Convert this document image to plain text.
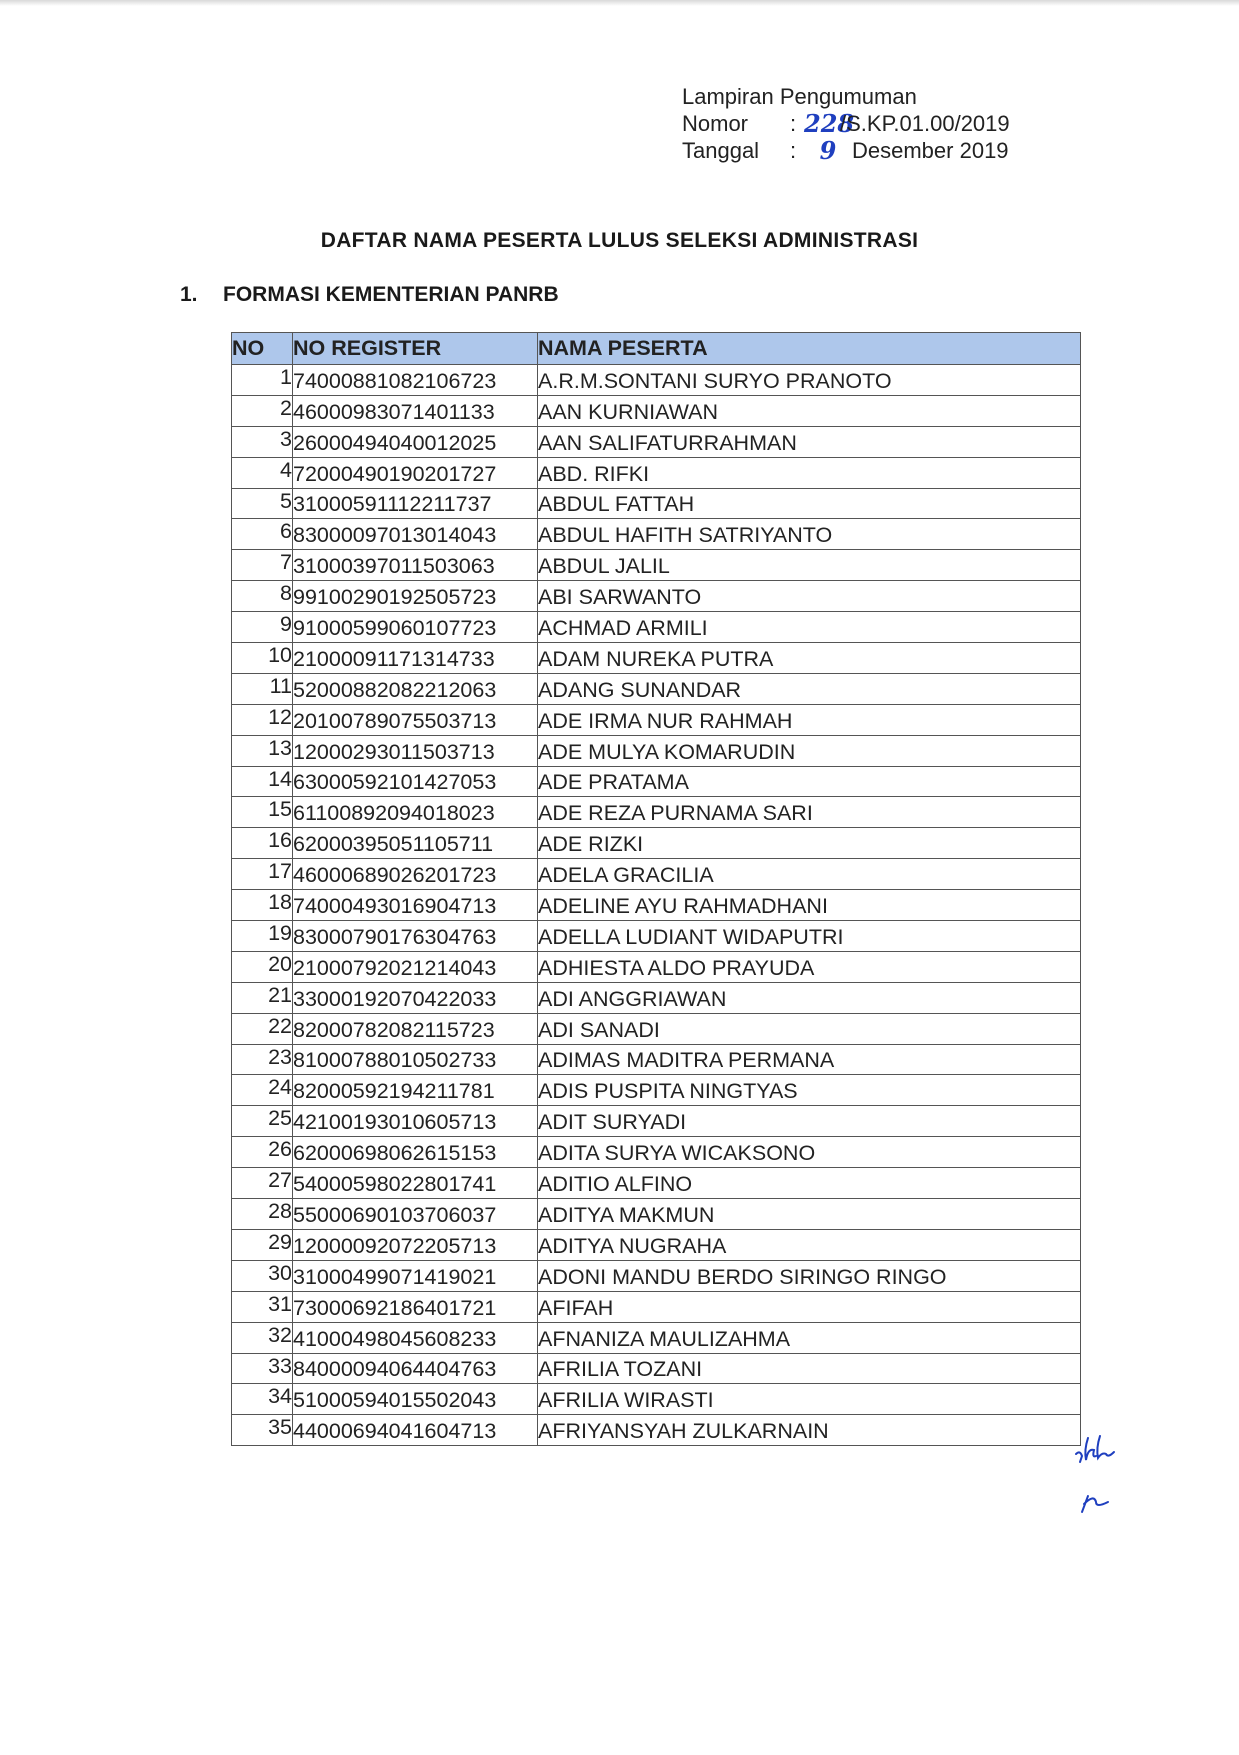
Lampiran Pengumuman
Nomor	: 228
/S.KP.01.00/2019
Tanggal	: 9 Desember 2019
DAFTAR NAMA PESERTA LULUS SELEKSI ADMINISTRASI
1. FORMASI KEMENTERIAN PANRB
NO	NO REGISTER	NAMA PESERTA
1	74000881082106723	A.R.M.SONTANI SURYO PRANOTO
2	46000983071401133	AAN KURNIAWAN
3	26000494040012025	AAN SALIFATURRAHMAN
4	72000490190201727	ABD. RIFKI
5	31000591112211737	ABDUL FATTAH
6	83000097013014043	ABDUL HAFITH SATRIYANTO
7	31000397011503063	ABDUL JALIL
8	99100290192505723	ABI SARWANTO
9	91000599060107723	ACHMAD ARMILI
10	21000091171314733	ADAM NUREKA PUTRA
11	52000882082212063	ADANG SUNANDAR
12	20100789075503713	ADE IRMA NUR RAHMAH
13	12000293011503713	ADE MULYA KOMARUDIN
14	63000592101427053	ADE PRATAMA
15	61100892094018023	ADE REZA PURNAMA SARI
16	62000395051105711	ADE RIZKI
17	46000689026201723	ADELA GRACILIA
18	74000493016904713	ADELINE AYU RAHMADHANI
19	83000790176304763	ADELLA LUDIANT WIDAPUTRI
20	21000792021214043	ADHIESTA ALDO PRAYUDA
21	33000192070422033	ADI ANGGRIAWAN
22	82000782082115723	ADI SANADI
23	81000788010502733	ADIMAS MADITRA PERMANA
24	82000592194211781	ADIS PUSPITA NINGTYAS
25	42100193010605713	ADIT SURYADI
26	62000698062615153	ADITA SURYA WICAKSONO
27	54000598022801741	ADITIO ALFINO
28	55000690103706037	ADITYA MAKMUN
29	12000092072205713	ADITYA NUGRAHA
30	31000499071419021	ADONI MANDU BERDO SIRINGO RINGO
31	73000692186401721	AFIFAH
32	41000498045608233	AFNANIZA MAULIZAHMA
33	84000094064404763	AFRILIA TOZANI
34	51000594015502043	AFRILIA WIRASTI
35	44000694041604713	AFRIYANSYAH ZULKARNAIN
